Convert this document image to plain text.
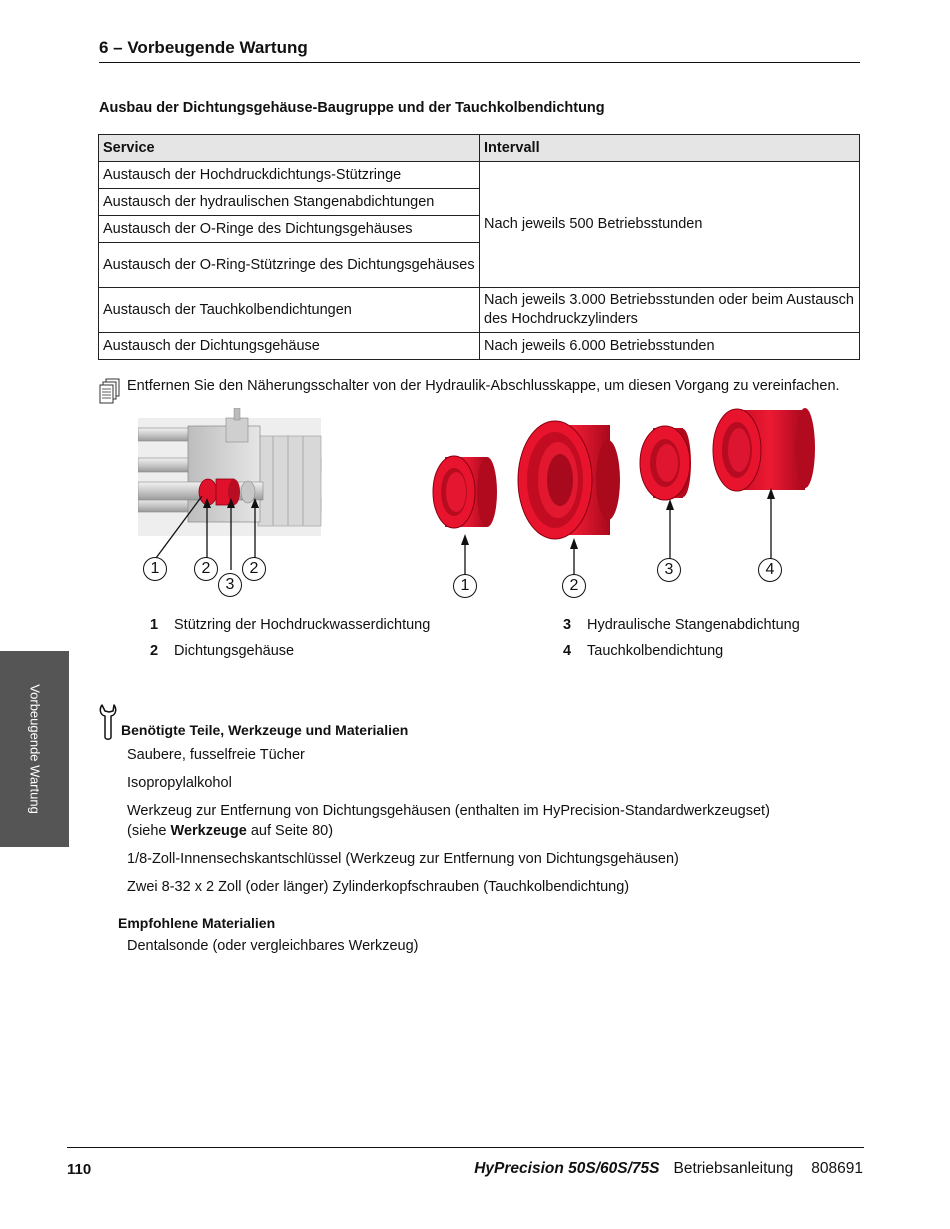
6 – Vorbeugende Wartung
Ausbau der Dichtungsgehäuse-Baugruppe und der Tauchkolbendichtung
Service	Intervall
Austausch der Hochdruckdichtungs-Stützringe	Nach jeweils 500 Betriebsstunden
Austausch der hydraulischen Stangenabdichtungen	
Austausch der O-Ringe des Dichtungsgehäuses	
Austausch der O-Ring-Stützringe des Dichtungsgehäuses	
Austausch der Tauchkolbendichtungen	Nach jeweils 3.000 Betriebsstunden oder beim Austausch des Hochdruckzylinders
Austausch der Dichtungsgehäuse	Nach jeweils 6.000 Betriebsstunden
Entfernen Sie den Näherungsschalter von der Hydraulik-Abschlusskappe, um diesen Vorgang zu vereinfachen.
1	2
3
2
1	2
3	4
1 Stützring der Hochdruckwasserdichtung
2 Dichtungsgehäuse
3 Hydraulische Stangenabdichtung
4 Tauchkolbendichtung
Benötigte Teile, Werkzeuge und Materialien
Saubere, fusselfreie Tücher
Isopropylalkohol
Werkzeug zur Entfernung von Dichtungsgehäusen (enthalten im HyPrecision-Standardwerkzeugset)
(siehe Werkzeuge auf Seite 80)
1/8-Zoll-Innensechskantschlüssel (Werkzeug zur Entfernung von Dichtungsgehäusen)
Zwei 8-32 x 2 Zoll (oder länger) Zylinderkopfschrauben (Tauchkolbendichtung)
Empfohlene Materialien
Dentalsonde (oder vergleichbares Werkzeug)
Vorbeugende Wartung
110	HyPrecision 50S/60S/75S Betriebsanleitung 808691
